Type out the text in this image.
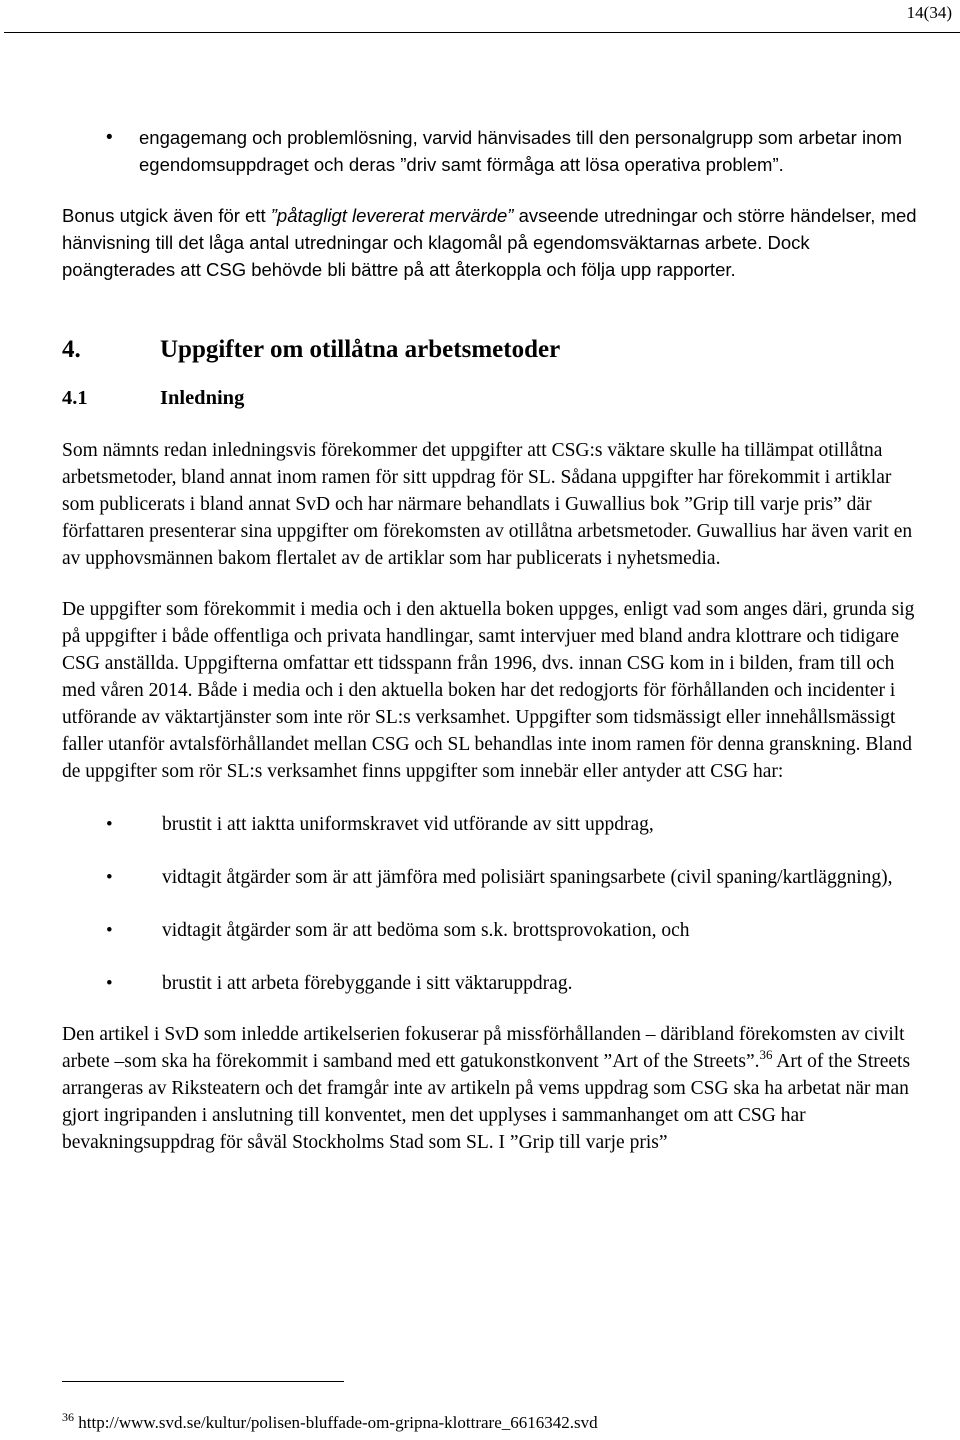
14(34)
• engagemang och problemlösning, varvid hänvisades till den personalgrupp som arbetar inom egendomsuppdraget och deras ”driv samt förmåga att lösa operativa problem”.

Bonus utgick även för ett ”påtagligt levererat mervärde” avseende utredningar och större händelser, med hänvisning till det låga antal utredningar och klagomål på egendomsväktarnas arbete. Dock poängterades att CSG behövde bli bättre på att återkoppla och följa upp rapporter.

4.	Uppgifter om otillåtna arbetsmetoder
4.1	Inledning

Som nämnts redan inledningsvis förekommer det uppgifter att CSG:s väktare skulle ha tillämpat otillåtna arbetsmetoder, bland annat inom ramen för sitt uppdrag för SL. Sådana uppgifter har förekommit i artiklar som publicerats i bland annat SvD och har närmare behandlats i Guwallius bok ”Grip till varje pris” där författaren presenterar sina uppgifter om förekomsten av otillåtna arbetsmetoder. Guwallius har även varit en av upphovsmännen bakom flertalet av de artiklar som har publicerats i nyhetsmedia.

De uppgifter som förekommit i media och i den aktuella boken uppges, enligt vad som anges däri, grunda sig på uppgifter i både offentliga och privata handlingar, samt intervjuer med bland andra klottrare och tidigare CSG anställda. Uppgifterna omfattar ett tidsspann från 1996, dvs. innan CSG kom in i bilden, fram till och med våren 2014. Både i media och i den aktuella boken har det redogjorts för förhållanden och incidenter i utförande av väktartjänster som inte rör SL:s verksamhet. Uppgifter som tidsmässigt eller innehållsmässigt faller utanför avtalsförhållandet mellan CSG och SL behandlas inte inom ramen för denna granskning. Bland de uppgifter som rör SL:s verksamhet finns uppgifter som innebär eller antyder att CSG har:

•	brustit i att iaktta uniformskravet vid utförande av sitt uppdrag,
•	vidtagit åtgärder som är att jämföra med polisiärt spaningsarbete (civil spaning/kartläggning),
•	vidtagit åtgärder som är att bedöma som s.k. brottsprovokation, och
•	brustit i att arbeta förebyggande i sitt väktaruppdrag.

Den artikel i SvD som inledde artikelserien fokuserar på missförhållanden – däribland förekomsten av civilt arbete –som ska ha förekommit i samband med ett gatukonstkonvent ”Art of the Streets”.$^{36}$ Art of the Streets arrangeras av Riksteatern och det framgår inte av artikeln på vems uppdrag som CSG ska ha arbetat när man gjort ingripanden i anslutning till konventet, men det upplyses i sammanhanget om att CSG har bevakningsuppdrag för såväl Stockholms Stad som SL. I ”Grip till varje pris”

$^{36}$ http://www.svd.se/kultur/polisen-bluffade-om-gripna-klottrare_6616342.svd
